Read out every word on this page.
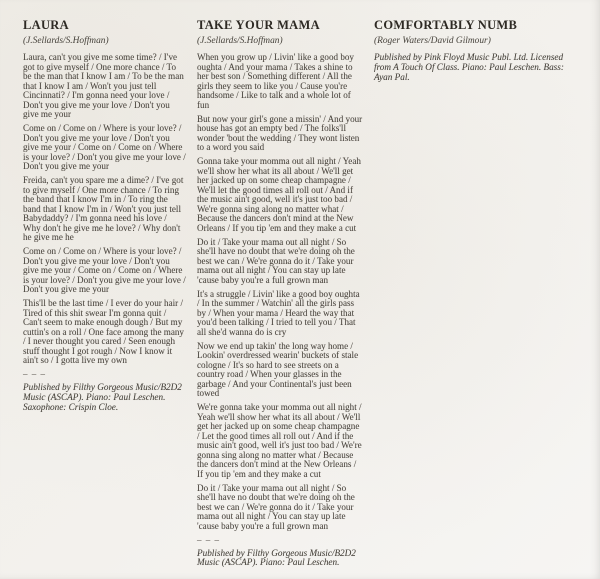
LAURA

(J.Sellards/S.Hoffman)

Laura, can't you give me some time? / I've got to give myself / One more chance / To be the man that I know I am / To be the man that I know I am / Won't you just tell Cincinnati? / I'm gonna need your love / Don't you give me your love / Don't you give me your

Come on / Come on / Where is your love? / Don't you give me your love / Don't you give me your / Come on / Come on / Where is your love? / Don't you give me your love / Don't you give me your

Freida, can't you spare me a dime? / I've got to give myself / One more chance / To ring the band that I know I'm in / To ring the band that I know I'm in / Won't you just tell Babydaddy? / I'm gonna need his love / Why don't he give me he love? / Why don't he give me he

Come on / Come on / Where is your love? / Don't you give me your love / Don't you give me your / Come on / Come on / Where is your love? / Don't you give me your love / Don't you give me your

This'll be the last time / I ever do your hair / Tired of this shit swear I'm gonna quit / Can't seem to make enough dough / But my cuttin's on a roll / One face among the many / I never thought you cared / Seen enough stuff thought I got rough / Now I know it ain't so / I gotta live my own

– – –

Published by Filthy Gorgeous Music/B2D2 Music (ASCAP). Piano: Paul Leschen. Saxophone: Crispin Cloe.

TAKE YOUR MAMA

(J.Sellards/S.Hoffman)

When you grow up / Livin' like a good boy oughta / And your mama / Takes a shine to her best son / Something different / All the girls they seem to like you / Cause you're handsome / Like to talk and a whole lot of fun

But now your girl's gone a missin' / And your house has got an empty bed / The folks'll wonder 'bout the wedding / They wont listen to a word you said

Gonna take your momma out all night / Yeah we'll show her what its all about / We'll get her jacked up on some cheap champagne / We'll let the good times all roll out / And if the music ain't good, well it's just too bad / We're gonna sing along no matter what / Because the dancers don't mind at the New Orleans / If you tip 'em and they make a cut

Do it / Take your mama out all night / So she'll have no doubt that we're doing oh the best we can / We're gonna do it / Take your mama out all night / You can stay up late 'cause baby you're a full grown man

It's a struggle / Livin' like a good boy oughta / In the summer / Watchin' all the girls pass by / When your mama / Heard the way that you'd been talking / I tried to tell you / That all she'd wanna do is cry

Now we end up takin' the long way home / Lookin' overdressed wearin' buckets of stale cologne / It's so hard to see streets on a country road / When your glasses in the garbage / And your Continental's just been towed

We're gonna take your momma out all night / Yeah we'll show her what its all about / We'll get her jacked up on some cheap champagne / Let the good times all roll out / And if the music ain't good, well it's just too bad / We're gonna sing along no matter what / Because the dancers don't mind at the New Orleans / If you tip 'em and they make a cut

Do it / Take your mama out all night / So she'll have no doubt that we're doing oh the best we can / We're gonna do it / Take your mama out all night / You can stay up late 'cause baby you're a full grown man

– – –

Published by Filthy Gorgeous Music/B2D2 Music (ASCAP). Piano: Paul Leschen.

COMFORTABLY NUMB

(Roger Waters/David Gilmour)

Published by Pink Floyd Music Publ. Ltd. Licensed from A Touch Of Class. Piano: Paul Leschen. Bass: Ayan Pal.
